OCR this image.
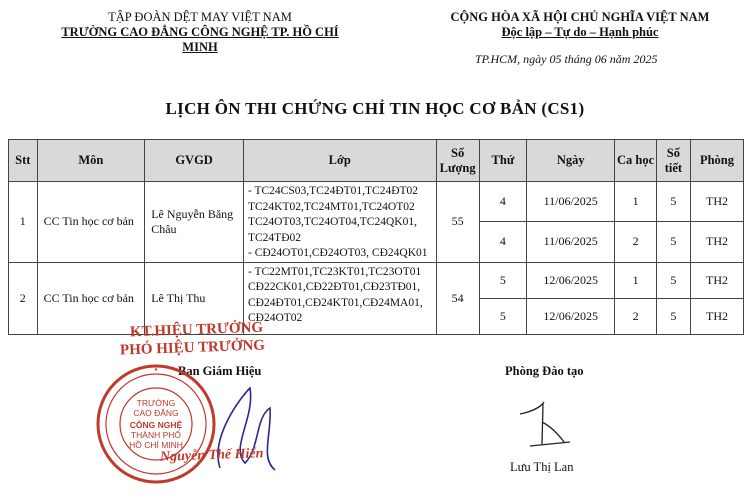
TẬP ĐOÀN DỆT MAY VIỆT NAM
TRƯỜNG CAO ĐẲNG CÔNG NGHỆ TP. HỒ CHÍ MINH
CỘNG HÒA XÃ HỘI CHỦ NGHĨA VIỆT NAM
Độc lập – Tự do – Hạnh phúc
TP.HCM, ngày 05 tháng 06 năm 2025
LỊCH ÔN THI CHỨNG CHỈ TIN HỌC CƠ BẢN (CS1)
Stt	Môn	GVGD	Lớp	Số Lượng	Thứ	Ngày	Ca học	Số tiết	Phòng
1	CC Tin học cơ bản	Lê Nguyễn Băng Châu	- TC24CS03,TC24ĐT01,TC24ĐT02
TC24KT02,TC24MT01,TC24OT02
TC24OT03,TC24OT04,TC24QK01,
TC24TĐ02
- CĐ24OT01,CĐ24OT03, CĐ24QK01	55	4	11/06/2025	1	5	TH2
					4	11/06/2025	2	5	TH2
2	CC Tin học cơ bản	Lê Thị Thu	- TC22MT01,TC23KT01,TC23OT01
CĐ22CK01,CĐ22ĐT01,CĐ23TĐ01,
CĐ24ĐT01,CĐ24KT01,CĐ24MA01,
CĐ24OT02	54	5	12/06/2025	1	5	TH2
					5	12/06/2025	2	5	TH2
KT.HIỆU TRƯỞNG
PHÓ HIỆU TRƯỞNG
Ban Giám Hiệu
★
TRƯỜNG
CAO ĐẲNG
CÔNG NGHỆ
THÀNH PHỐ
HỒ CHÍ MINH
Nguyễn Thế Hiển
Phòng Đào tạo
Lưu Thị Lan
